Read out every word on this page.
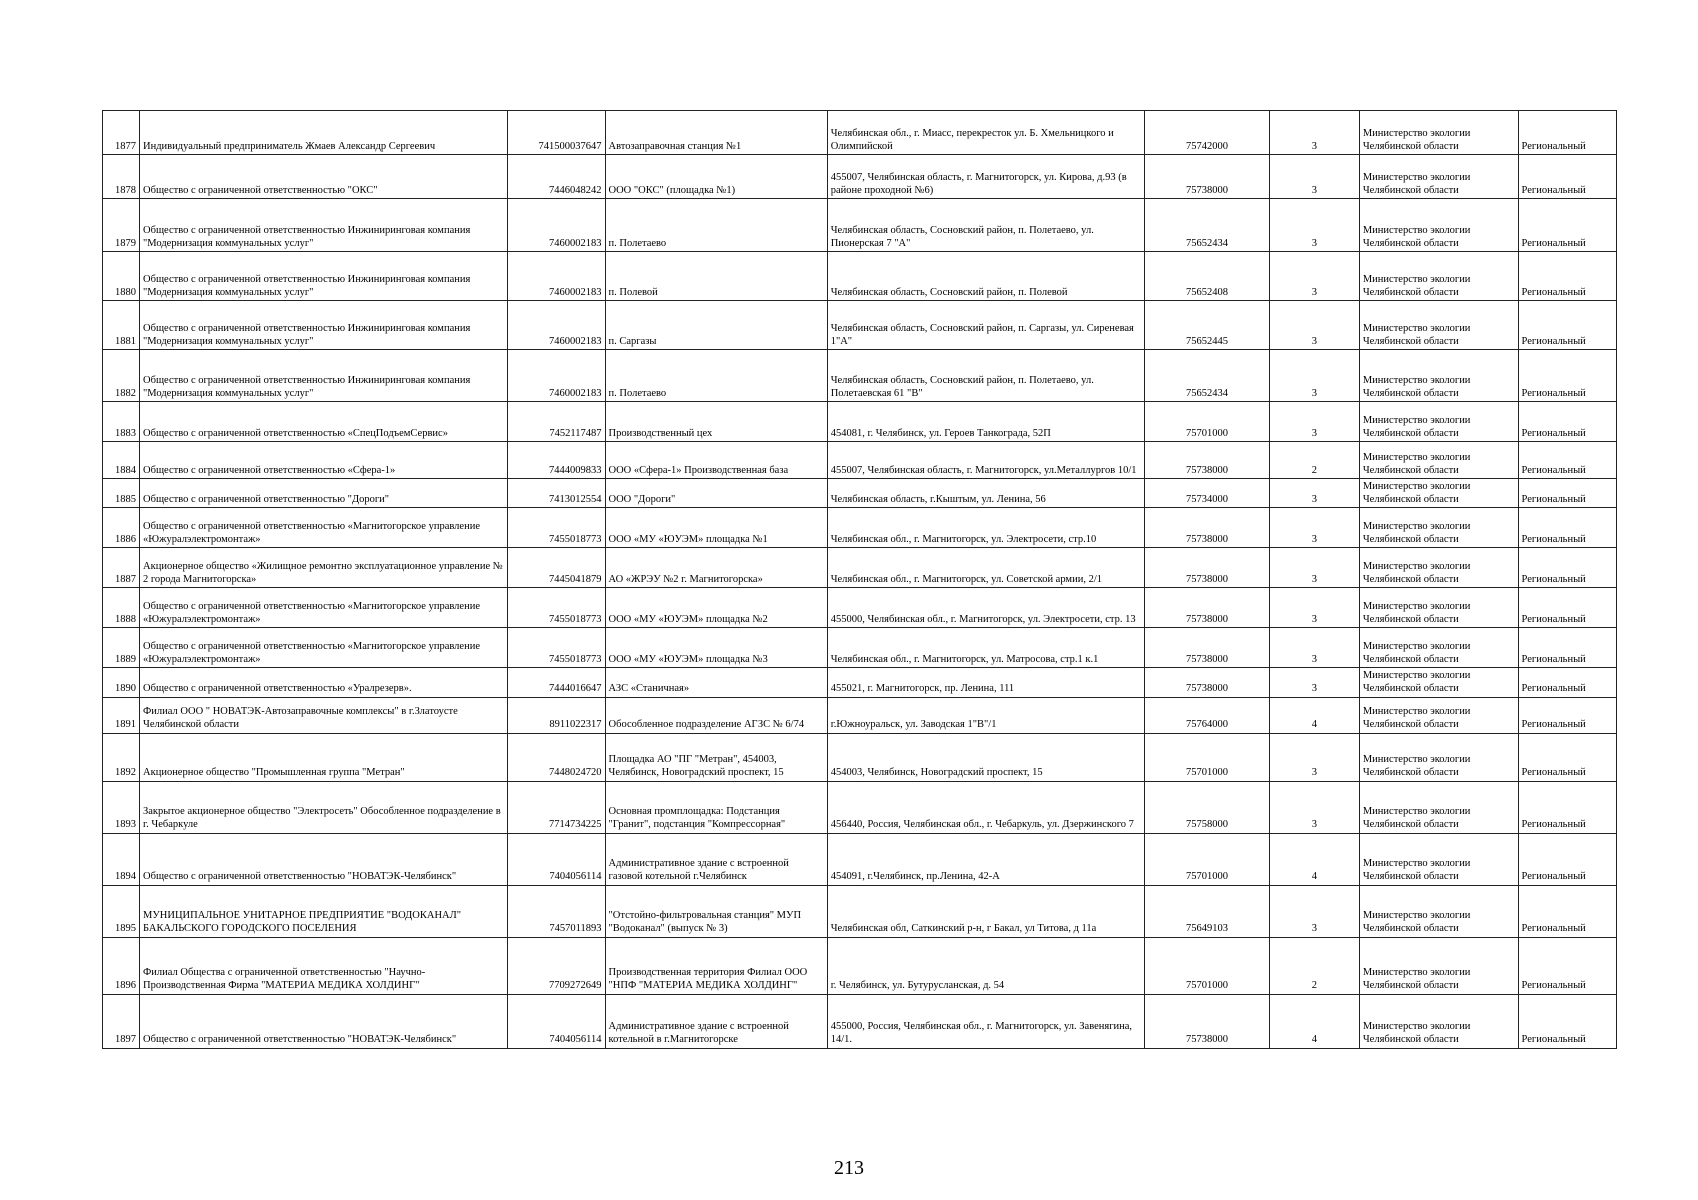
1877	Индивидуальный предприниматель Жмаев Александр Сергеевич	741500037647	Автозаправочная станция №1	Челябинская обл., г. Миасс, перекресток ул. Б. Хмельницкого и Олимпийской	75742000	3	Министерство экологии Челябинской области	Региональный
1878	Общество с ограниченной ответственностью "ОКС"	7446048242	ООО "ОКС" (площадка №1)	455007, Челябинская область, г. Магнитогорск, ул. Кирова, д.93 (в районе проходной №6)	75738000	3	Министерство экологии Челябинской области	Региональный
1879	Общество с ограниченной ответственностью Инжиниринговая компания "Модернизация коммунальных услуг"	7460002183	п. Полетаево	Челябинская область, Сосновский район, п. Полетаево, ул. Пионерская 7 "А"	75652434	3	Министерство экологии Челябинской области	Региональный
1880	Общество с ограниченной ответственностью Инжиниринговая компания "Модернизация коммунальных услуг"	7460002183	п. Полевой	Челябинская область, Сосновский район, п. Полевой	75652408	3	Министерство экологии Челябинской области	Региональный
1881	Общество с ограниченной ответственностью Инжиниринговая компания "Модернизация коммунальных услуг"	7460002183	п. Саргазы	Челябинская область, Сосновский район, п. Саргазы, ул. Сиреневая 1"А"	75652445	3	Министерство экологии Челябинской области	Региональный
1882	Общество с ограниченной ответственностью Инжиниринговая компания "Модернизация коммунальных услуг"	7460002183	п. Полетаево	Челябинская область, Сосновский район, п. Полетаево, ул. Полетаевская 61 "В"	75652434	3	Министерство экологии Челябинской области	Региональный
1883	Общество с ограниченной ответственностью «СпецПодъемСервис»	7452117487	Производственный цех	454081, г. Челябинск, ул. Героев Танкограда, 52П	75701000	3	Министерство экологии Челябинской области	Региональный
1884	Общество с ограниченной ответственностью «Сфера-1»	7444009833	ООО «Сфера-1» Производственная база	455007, Челябинская область, г. Магнитогорск, ул.Металлургов 10/1	75738000	2	Министерство экологии Челябинской области	Региональный
1885	Общество с ограниченной ответственностью "Дороги"	7413012554	ООО "Дороги"	Челябинская область, г.Кыштым, ул. Ленина, 56	75734000	3	Министерство экологии Челябинской области	Региональный
1886	Общество с ограниченной ответственностью «Магнитогорское управление «Южуралэлектромонтаж»	7455018773	ООО «МУ «ЮУЭМ» площадка №1	Челябинская обл., г. Магнитогорск, ул. Электросети, стр.10	75738000	3	Министерство экологии Челябинской области	Региональный
1887	Акционерное общество «Жилищное ремонтно эксплуатационное управление № 2 города Магнитогорска»	7445041879	АО «ЖРЭУ №2 г. Магнитогорска»	Челябинская обл., г. Магнитогорск, ул. Советской армии, 2/1	75738000	3	Министерство экологии Челябинской области	Региональный
1888	Общество с ограниченной ответственностью «Магнитогорское управление «Южуралэлектромонтаж»	7455018773	ООО «МУ «ЮУЭМ» площадка №2	455000, Челябинская обл., г. Магнитогорск, ул. Электросети, стр. 13	75738000	3	Министерство экологии Челябинской области	Региональный
1889	Общество с ограниченной ответственностью «Магнитогорское управление «Южуралэлектромонтаж»	7455018773	ООО «МУ «ЮУЭМ» площадка №3	Челябинская обл., г. Магнитогорск, ул. Матросова, стр.1 к.1	75738000	3	Министерство экологии Челябинской области	Региональный
1890	Общество с ограниченной ответственностью «Уралрезерв».	7444016647	АЗС «Станичная»	455021, г. Магнитогорск, пр. Ленина, 111	75738000	3	Министерство экологии Челябинской области	Региональный
1891	Филиал ООО " НОВАТЭК-Автозаправочные комплексы" в г.Златоусте Челябинской области	8911022317	Обособленное подразделение АГЗС № 6/74	г.Южноуральск, ул. Заводская 1"В"/1	75764000	4	Министерство экологии Челябинской области	Региональный
1892	Акционерное общество "Промышленная группа "Метран"	7448024720	Площадка АО "ПГ "Метран", 454003, Челябинск, Новоградский проспект, 15	454003, Челябинск, Новоградский проспект, 15	75701000	3	Министерство экологии Челябинской области	Региональный
1893	Закрытое акционерное общество "Электросеть" Обособленное подразделение в г. Чебаркуле	7714734225	Основная промплощадка: Подстанция "Гранит", подстанция "Компрессорная"	456440, Россия, Челябинская обл., г. Чебаркуль, ул. Дзержинского 7	75758000	3	Министерство экологии Челябинской области	Региональный
1894	Общество с ограниченной ответственностью "НОВАТЭК-Челябинск"	7404056114	Административное здание с встроенной газовой котельной г.Челябинск	454091, г.Челябинск, пр.Ленина, 42-А	75701000	4	Министерство экологии Челябинской области	Региональный
1895	МУНИЦИПАЛЬНОЕ УНИТАРНОЕ ПРЕДПРИЯТИЕ "ВОДОКАНАЛ" БАКАЛЬСКОГО ГОРОДСКОГО ПОСЕЛЕНИЯ	7457011893	"Отстойно-фильтровальная станция" МУП "Водоканал" (выпуск № 3)	Челябинская обл, Саткинский р-н, г Бакал, ул Титова, д 11а	75649103	3	Министерство экологии Челябинской области	Региональный
1896	Филиал Общества с ограниченной ответственностью "Научно-Производственная Фирма "МАТЕРИА МЕДИКА ХОЛДИНГ"	7709272649	Производственная территория Филиал ООО "НПФ "МАТЕРИА МЕДИКА ХОЛДИНГ"	г. Челябинск, ул. Бутурусланская, д. 54	75701000	2	Министерство экологии Челябинской области	Региональный
1897	Общество с ограниченной ответственностью "НОВАТЭК-Челябинск"	7404056114	Административное здание с встроенной котельной в г.Магнитогорске	455000, Россия, Челябинская обл., г. Магнитогорск, ул. Завенягина, 14/1.	75738000	4	Министерство экологии Челябинской области	Региональный
213
